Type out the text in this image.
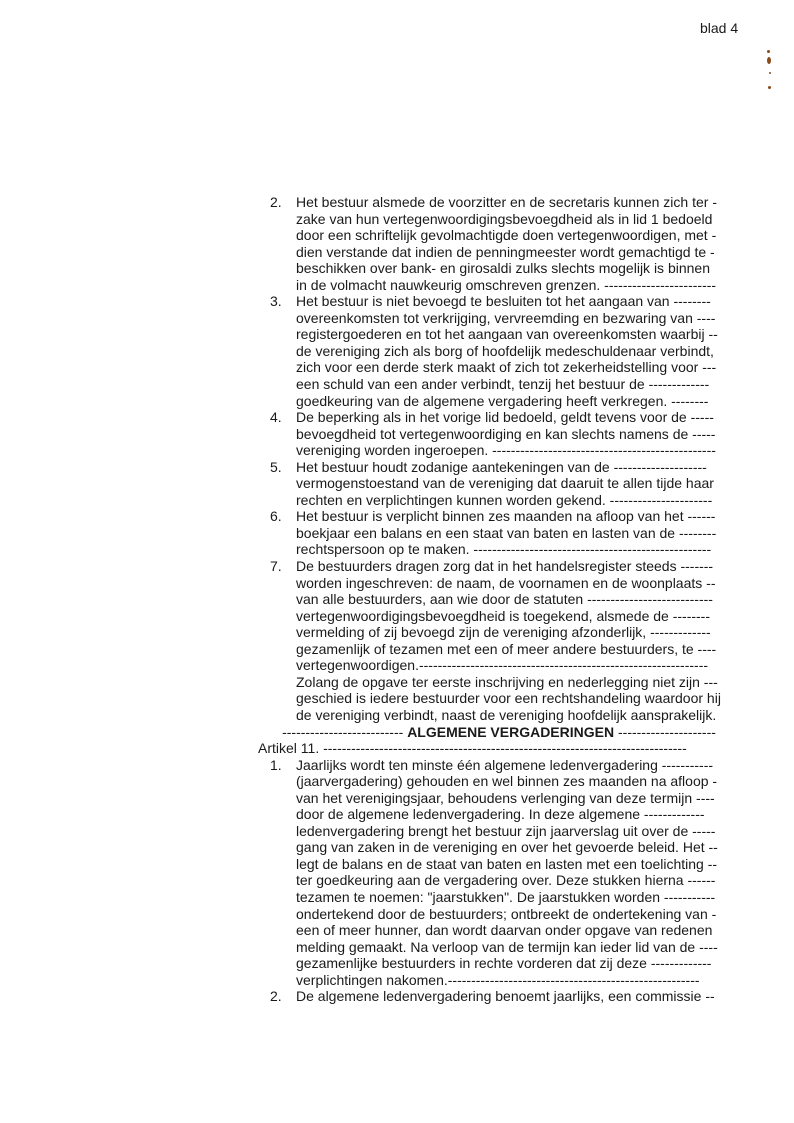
blad 4
2. Het bestuur alsmede de voorzitter en de secretaris kunnen zich ter -
zake van hun vertegenwoordigingsbevoegdheid als in lid 1 bedoeld
door een schriftelijk gevolmachtigde doen vertegenwoordigen, met -
dien verstande dat indien de penningmeester wordt gemachtigd te -
beschikken over bank- en girosaldi zulks slechts mogelijk is binnen
in de volmacht nauwkeurig omschreven grenzen. ------------------------
3. Het bestuur is niet bevoegd te besluiten tot het aangaan van --------
overeenkomsten tot verkrijging, vervreemding en bezwaring van ----
registergoederen en tot het aangaan van overeenkomsten waarbij --
de vereniging zich als borg of hoofdelijk medeschuldenaar verbindt,
zich voor een derde sterk maakt of zich tot zekerheidstelling voor ---
een schuld van een ander verbindt, tenzij het bestuur de -------------
goedkeuring van de algemene vergadering heeft verkregen. --------
4. De beperking als in het vorige lid bedoeld, geldt tevens voor de -----
bevoegdheid tot vertegenwoordiging en kan slechts namens de -----
vereniging worden ingeroepen. ------------------------------------------------
5. Het bestuur houdt zodanige aantekeningen van de --------------------
vermogenstoestand van de vereniging dat daaruit te allen tijde haar
rechten en verplichtingen kunnen worden gekend. ----------------------
6. Het bestuur is verplicht binnen zes maanden na afloop van het ------
boekjaar een balans en een staat van baten en lasten van de --------
rechtspersoon op te maken. ---------------------------------------------------
7. De bestuurders dragen zorg dat in het handelsregister steeds -------
worden ingeschreven: de naam, de voornamen en de woonplaats --
van alle bestuurders, aan wie door de statuten ---------------------------
vertegenwoordigingsbevoegdheid is toegekend, alsmede de --------
vermelding of zij bevoegd zijn de vereniging afzonderlijk, -------------
gezamenlijk of tezamen met een of meer andere bestuurders, te ----
vertegenwoordigen.--------------------------------------------------------------
Zolang de opgave ter eerste inschrijving en nederlegging niet zijn ---
geschied is iedere bestuurder voor een rechtshandeling waardoor hij
de vereniging verbindt, naast de vereniging hoofdelijk aansprakelijk.
-------------------------- ALGEMENE VERGADERINGEN ---------------------
Artikel 11. ------------------------------------------------------------------------------
1. Jaarlijks wordt ten minste één algemene ledenvergadering -----------
(jaarvergadering) gehouden en wel binnen zes maanden na afloop -
van het verenigingsjaar, behoudens verlenging van deze termijn ----
door de algemene ledenvergadering. In deze algemene -------------
ledenvergadering brengt het bestuur zijn jaarverslag uit over de -----
gang van zaken in de vereniging en over het gevoerde beleid. Het --
legt de balans en de staat van baten en lasten met een toelichting --
ter goedkeuring aan de vergadering over. Deze stukken hierna ------
tezamen te noemen: "jaarstukken". De jaarstukken worden -----------
ondertekend door de bestuurders; ontbreekt de ondertekening van -
een of meer hunner, dan wordt daarvan onder opgave van redenen
melding gemaakt. Na verloop van de termijn kan ieder lid van de ----
gezamenlijke bestuurders in rechte vorderen dat zij deze -------------
verplichtingen nakomen.------------------------------------------------------
2. De algemene ledenvergadering benoemt jaarlijks, een commissie --
